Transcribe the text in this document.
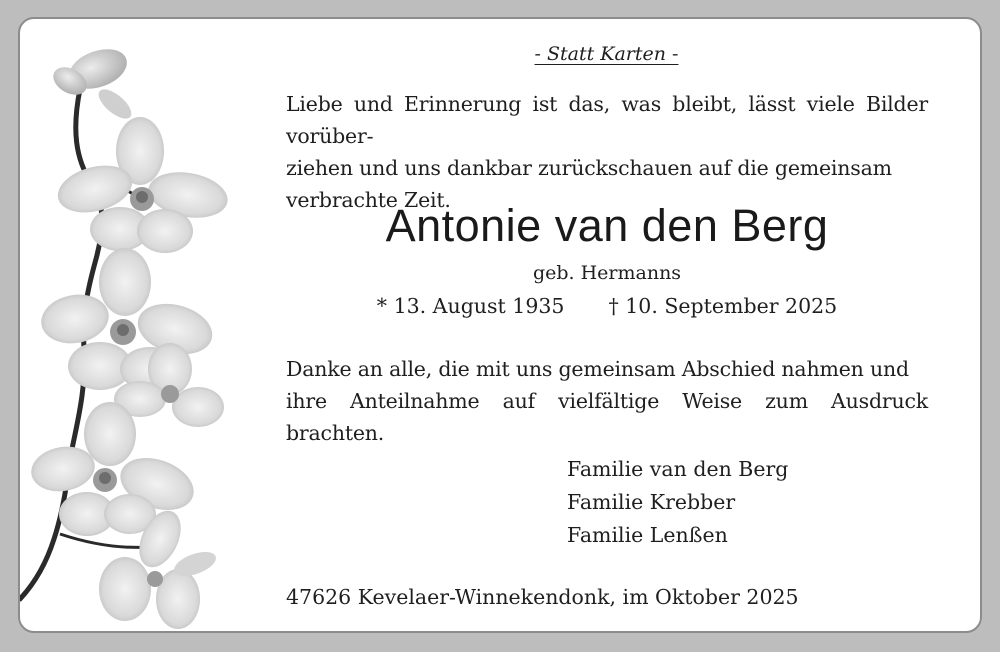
- Statt Karten -
Liebe und Erinnerung ist das, was bleibt, lässt viele Bilder vorüber-
ziehen und uns dankbar zurückschauen auf die gemeinsam
verbrachte Zeit.
Antonie van den Berg
geb. Hermanns
* 13. August 1935 † 10. September 2025
Danke an alle, die mit uns gemeinsam Abschied nahmen und
ihre Anteilnahme auf vielfältige Weise zum Ausdruck brachten.
Familie van den Berg
Familie Krebber
Familie Lenßen
47626 Kevelaer-Winnekendonk, im Oktober 2025
